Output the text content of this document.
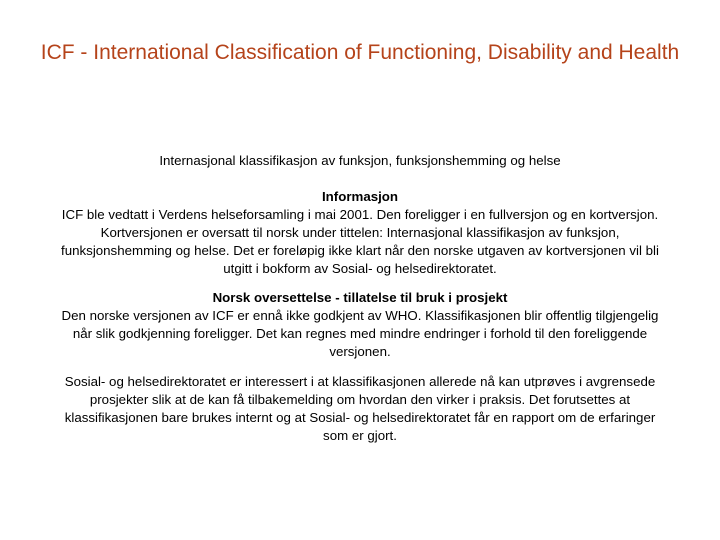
ICF - International Classification of Functioning, Disability and Health
Internasjonal klassifikasjon av funksjon, funksjonshemming og helse
Informasjon
ICF ble vedtatt i Verdens helseforsamling i mai 2001. Den foreligger i en fullversjon og en kortversjon. Kortversjonen er oversatt til norsk under tittelen: Internasjonal klassifikasjon av funksjon, funksjonshemming og helse. Det er foreløpig ikke klart når den norske utgaven av kortversjonen vil bli utgitt i bokform av Sosial- og helsedirektoratet.
Norsk oversettelse - tillatelse til bruk i prosjekt
Den norske versjonen av ICF er ennå ikke godkjent av WHO. Klassifikasjonen blir offentlig tilgjengelig når slik godkjenning foreligger. Det kan regnes med mindre endringer i forhold til den foreliggende versjonen.
Sosial- og helsedirektoratet er interessert i at klassifikasjonen allerede nå kan utprøves i avgrensede prosjekter slik at de kan få tilbakemelding om hvordan den virker i praksis. Det forutsettes at klassifikasjonen bare brukes internt og at Sosial- og helsedirektoratet får en rapport om de erfaringer som er gjort.
